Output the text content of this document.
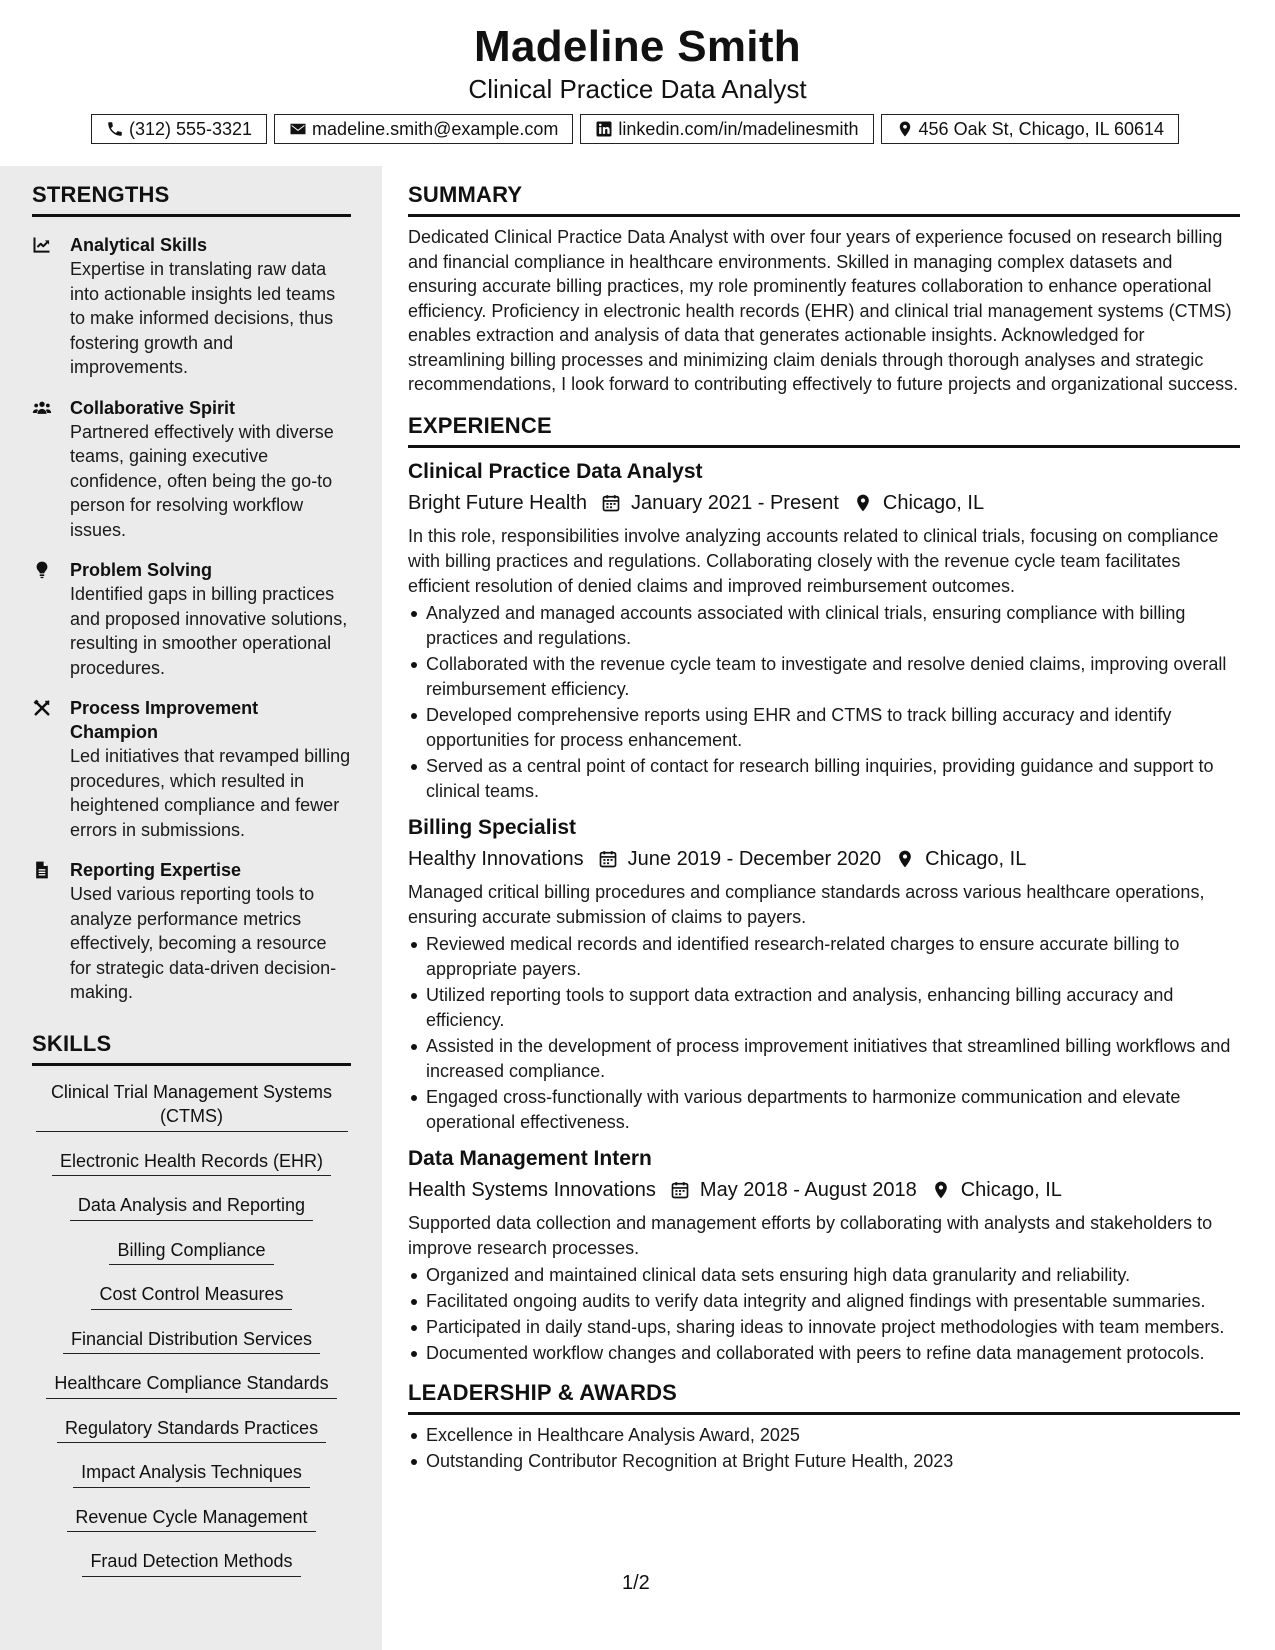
Madeline Smith
Clinical Practice Data Analyst
(312) 555-3321	madeline.smith@example.com	linkedin.com/in/madelinesmith	456 Oak St, Chicago, IL 60614
STRENGTHS
Analytical Skills
Expertise in translating raw data into actionable insights led teams to make informed decisions, thus fostering growth and improvements.
Collaborative Spirit
Partnered effectively with diverse teams, gaining executive confidence, often being the go-to person for resolving workflow issues.
Problem Solving
Identified gaps in billing practices and proposed innovative solutions, resulting in smoother operational procedures.
Process Improvement Champion
Led initiatives that revamped billing procedures, which resulted in heightened compliance and fewer errors in submissions.
Reporting Expertise
Used various reporting tools to analyze performance metrics effectively, becoming a resource for strategic data-driven decision-making.
SKILLS
Clinical Trial Management Systems (CTMS)
Electronic Health Records (EHR)
Data Analysis and Reporting
Billing Compliance
Cost Control Measures
Financial Distribution Services
Healthcare Compliance Standards
Regulatory Standards Practices
Impact Analysis Techniques
Revenue Cycle Management
Fraud Detection Methods
SUMMARY
Dedicated Clinical Practice Data Analyst with over four years of experience focused on research billing and financial compliance in healthcare environments. Skilled in managing complex datasets and ensuring accurate billing practices, my role prominently features collaboration to enhance operational efficiency. Proficiency in electronic health records (EHR) and clinical trial management systems (CTMS) enables extraction and analysis of data that generates actionable insights. Acknowledged for streamlining billing processes and minimizing claim denials through thorough analyses and strategic recommendations, I look forward to contributing effectively to future projects and organizational success.
EXPERIENCE
Clinical Practice Data Analyst
Bright Future Health January 2021 - Present Chicago, IL
In this role, responsibilities involve analyzing accounts related to clinical trials, focusing on compliance with billing practices and regulations. Collaborating closely with the revenue cycle team facilitates efficient resolution of denied claims and improved reimbursement outcomes.
Analyzed and managed accounts associated with clinical trials, ensuring compliance with billing practices and regulations.
Collaborated with the revenue cycle team to investigate and resolve denied claims, improving overall reimbursement efficiency.
Developed comprehensive reports using EHR and CTMS to track billing accuracy and identify opportunities for process enhancement.
Served as a central point of contact for research billing inquiries, providing guidance and support to clinical teams.
Billing Specialist
Healthy Innovations June 2019 - December 2020 Chicago, IL
Managed critical billing procedures and compliance standards across various healthcare operations, ensuring accurate submission of claims to payers.
Reviewed medical records and identified research-related charges to ensure accurate billing to appropriate payers.
Utilized reporting tools to support data extraction and analysis, enhancing billing accuracy and efficiency.
Assisted in the development of process improvement initiatives that streamlined billing workflows and increased compliance.
Engaged cross-functionally with various departments to harmonize communication and elevate operational effectiveness.
Data Management Intern
Health Systems Innovations May 2018 - August 2018 Chicago, IL
Supported data collection and management efforts by collaborating with analysts and stakeholders to improve research processes.
Organized and maintained clinical data sets ensuring high data granularity and reliability.
Facilitated ongoing audits to verify data integrity and aligned findings with presentable summaries.
Participated in daily stand-ups, sharing ideas to innovate project methodologies with team members.
Documented workflow changes and collaborated with peers to refine data management protocols.
LEADERSHIP & AWARDS
Excellence in Healthcare Analysis Award, 2025
Outstanding Contributor Recognition at Bright Future Health, 2023
1/2
